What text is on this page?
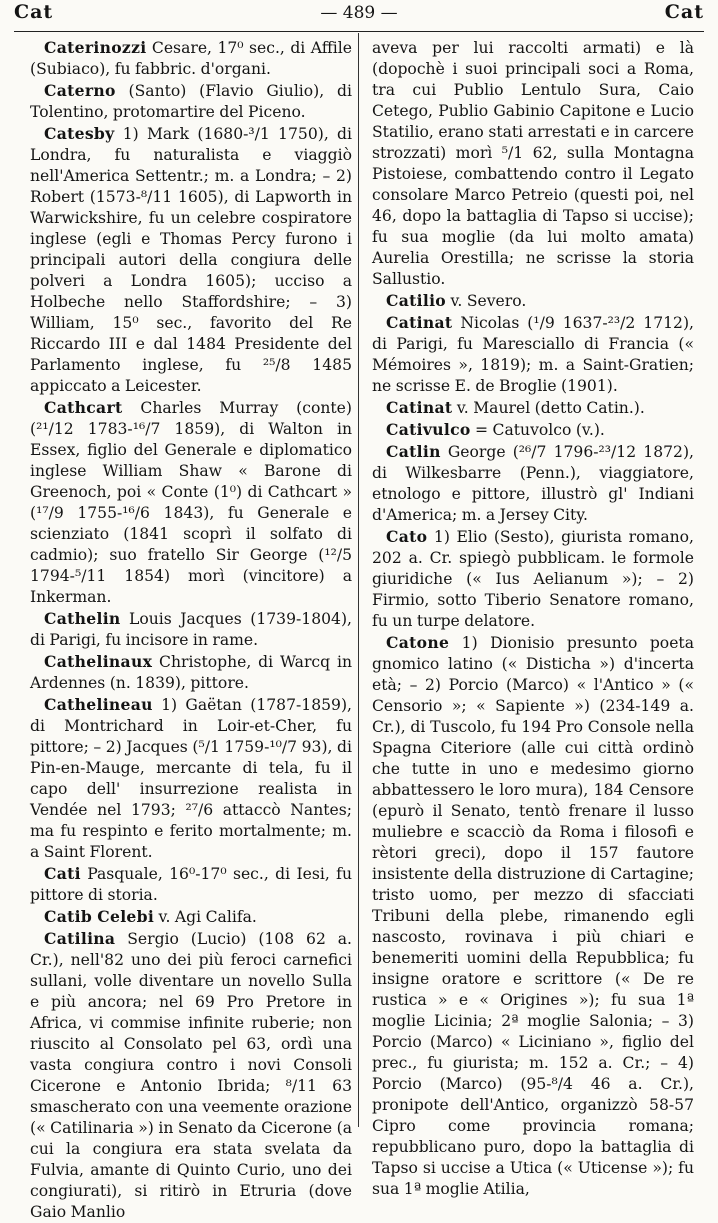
Cat	— 489 —	Cat

Caterinozzi Cesare, 17⁰ sec., di Affile (Subiaco), fu fabbric. d'organi.

Caterno (Santo) (Flavio Giulio), di Tolentino, protomartire del Piceno.

Catesby 1) Mark (1680-³/1 1750), di Londra, fu naturalista e viaggiò nell'America Settentr.; m. a Londra; – 2) Robert (1573-⁸/11 1605), di Lapworth in Warwickshire, fu un celebre cospiratore inglese (egli e Thomas Percy furono i principali autori della congiura delle polveri a Londra 1605); ucciso a Holbeche nello Staffordshire; – 3) William, 15⁰ sec., favorito del Re Riccardo III e dal 1484 Presidente del Parlamento inglese, fu ²⁵/8 1485 appiccato a Leicester.

Cathcart Charles Murray (conte) (²¹/12 1783-¹⁶/7 1859), di Walton in Essex, figlio del Generale e diplomatico inglese William Shaw « Barone di Greenoch, poi « Conte (1⁰) di Cathcart » (¹⁷/9 1755-¹⁶/6 1843), fu Generale e scienziato (1841 scoprì il solfato di cadmio); suo fratello Sir George (¹²/5 1794-⁵/11 1854) morì (vincitore) a Inkerman.

Cathelin Louis Jacques (1739-1804), di Parigi, fu incisore in rame.

Cathelinaux Christophe, di Warcq in Ardennes (n. 1839), pittore.

Cathelineau 1) Gaëtan (1787-1859), di Montrichard in Loir-et-Cher, fu pittore; – 2) Jacques (⁵/1 1759-¹⁰/7 93), di Pin-en-Mauge, mercante di tela, fu il capo dell' insurrezione realista in Vendée nel 1793; ²⁷/6 attaccò Nantes; ma fu respinto e ferito mortalmente; m. a Saint Florent.

Cati Pasquale, 16⁰-17⁰ sec., di Iesi, fu pittore di storia.

Catib Celebi v. Agi Califa.

Catilina Sergio (Lucio) (108 62 a. Cr.), nell'82 uno dei più feroci carnefici sullani, volle diventare un novello Sulla e più ancora; nel 69 Pro Pretore in Africa, vi commise infinite ruberie; non riuscito al Consolato pel 63, ordì una vasta congiura contro i novi Consoli Cicerone e Antonio Ibrida; ⁸/11 63 smascherato con una veemente orazione (« Catilinaria ») in Senato da Cicerone (a cui la congiura era stata svelata da Fulvia, amante di Quinto Curio, uno dei congiurati), si ritirò in Etruria (dove Gaio Manlio

aveva per lui raccolti armati) e là (dopochè i suoi principali soci a Roma, tra cui Publio Lentulo Sura, Caio Cetego, Publio Gabinio Capitone e Lucio Statilio, erano stati arrestati e in carcere strozzati) morì ⁵/1 62, sulla Montagna Pistoiese, combattendo contro il Legato consolare Marco Petreio (questi poi, nel 46, dopo la battaglia di Tapso si uccise); fu sua moglie (da lui molto amata) Aurelia Orestilla; ne scrisse la storia Sallustio.

Catilio v. Severo.

Catinat Nicolas (¹/9 1637-²³/2 1712), di Parigi, fu Maresciallo di Francia (« Mémoires », 1819); m. a Saint-Gratien; ne scrisse E. de Broglie (1901).

Catinat v. Maurel (detto Catin.).

Cativulco = Catuvolco (v.).

Catlin George (²⁶/7 1796-²³/12 1872), di Wilkesbarre (Penn.), viaggiatore, etnologo e pittore, illustrò gl' Indiani d'America; m. a Jersey City.

Cato 1) Elio (Sesto), giurista romano, 202 a. Cr. spiegò pubblicam. le formole giuridiche (« Ius Aelianum »); – 2) Firmio, sotto Tiberio Senatore romano, fu un turpe delatore.

Catone 1) Dionisio presunto poeta gnomico latino (« Disticha ») d'incerta età; – 2) Porcio (Marco) « l'Antico » (« Censorio »; « Sapiente ») (234-149 a. Cr.), di Tuscolo, fu 194 Pro Console nella Spagna Citeriore (alle cui città ordinò che tutte in uno e medesimo giorno abbattessero le loro mura), 184 Censore (epurò il Senato, tentò frenare il lusso muliebre e scacciò da Roma i filosofi e rètori greci), dopo il 157 fautore insistente della distruzione di Cartagine; tristo uomo, per mezzo di sfacciati Tribuni della plebe, rimanendo egli nascosto, rovinava i più chiari e benemeriti uomini della Repubblica; fu insigne oratore e scrittore (« De re rustica » e « Origines »); fu sua 1ª moglie Licinia; 2ª moglie Salonia; – 3) Porcio (Marco) « Liciniano », figlio del prec., fu giurista; m. 152 a. Cr.; – 4) Porcio (Marco) (95-⁸/4 46 a. Cr.), pronipote dell'Antico, organizzò 58-57 Cipro come provincia romana; repubblicano puro, dopo la battaglia di Tapso si uccise a Utica (« Uticense »); fu sua 1ª moglie Atilia,
